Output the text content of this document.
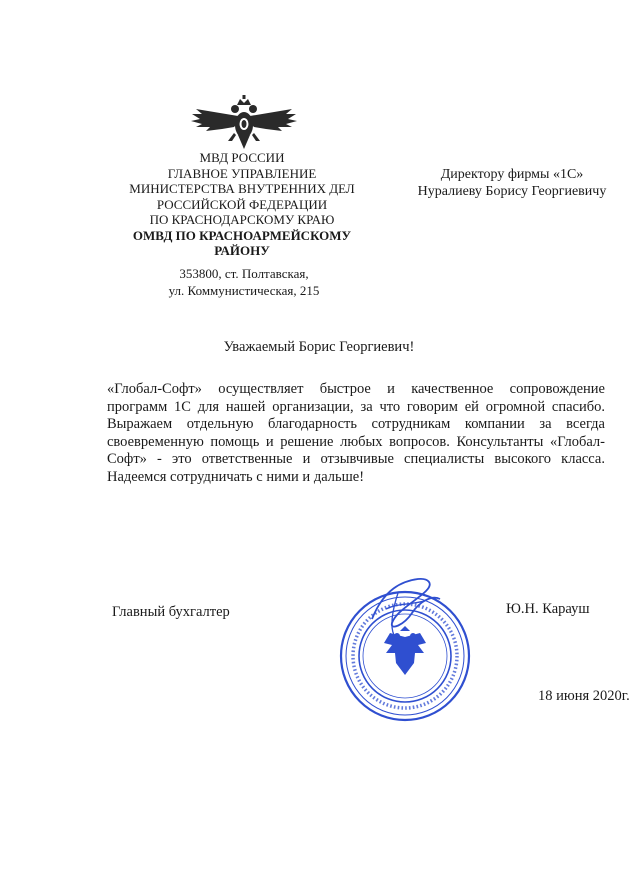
МВД РОССИИ
ГЛАВНОЕ УПРАВЛЕНИЕ
МИНИСТЕРСТВА ВНУТРЕННИХ ДЕЛ
РОССИЙСКОЙ ФЕДЕРАЦИИ
ПО КРАСНОДАРСКОМУ КРАЮ
ОМВД ПО КРАСНОАРМЕЙСКОМУ
РАЙОНУ
353800, ст. Полтавская,
ул. Коммунистическая, 215
Директору фирмы «1С»
Нуралиеву Борису Георгиевичу
Уважаемый Борис Георгиевич!

«Глобал-Софт» осуществляет быстрое и качественное сопровождение программ 1С для нашей организации, за что говорим ей огромной спасибо. Выражаем отдельную благодарность сотрудникам компании за всегда своевременную помощь и решение любых вопросов. Консультанты «Глобал-Софт» - это ответственные и отзывчивые специалисты высокого класса. Надеемся сотрудничать с ними и дальше!

Главный бухгалтер	Ю.Н. Карауш
18 июня 2020г.
